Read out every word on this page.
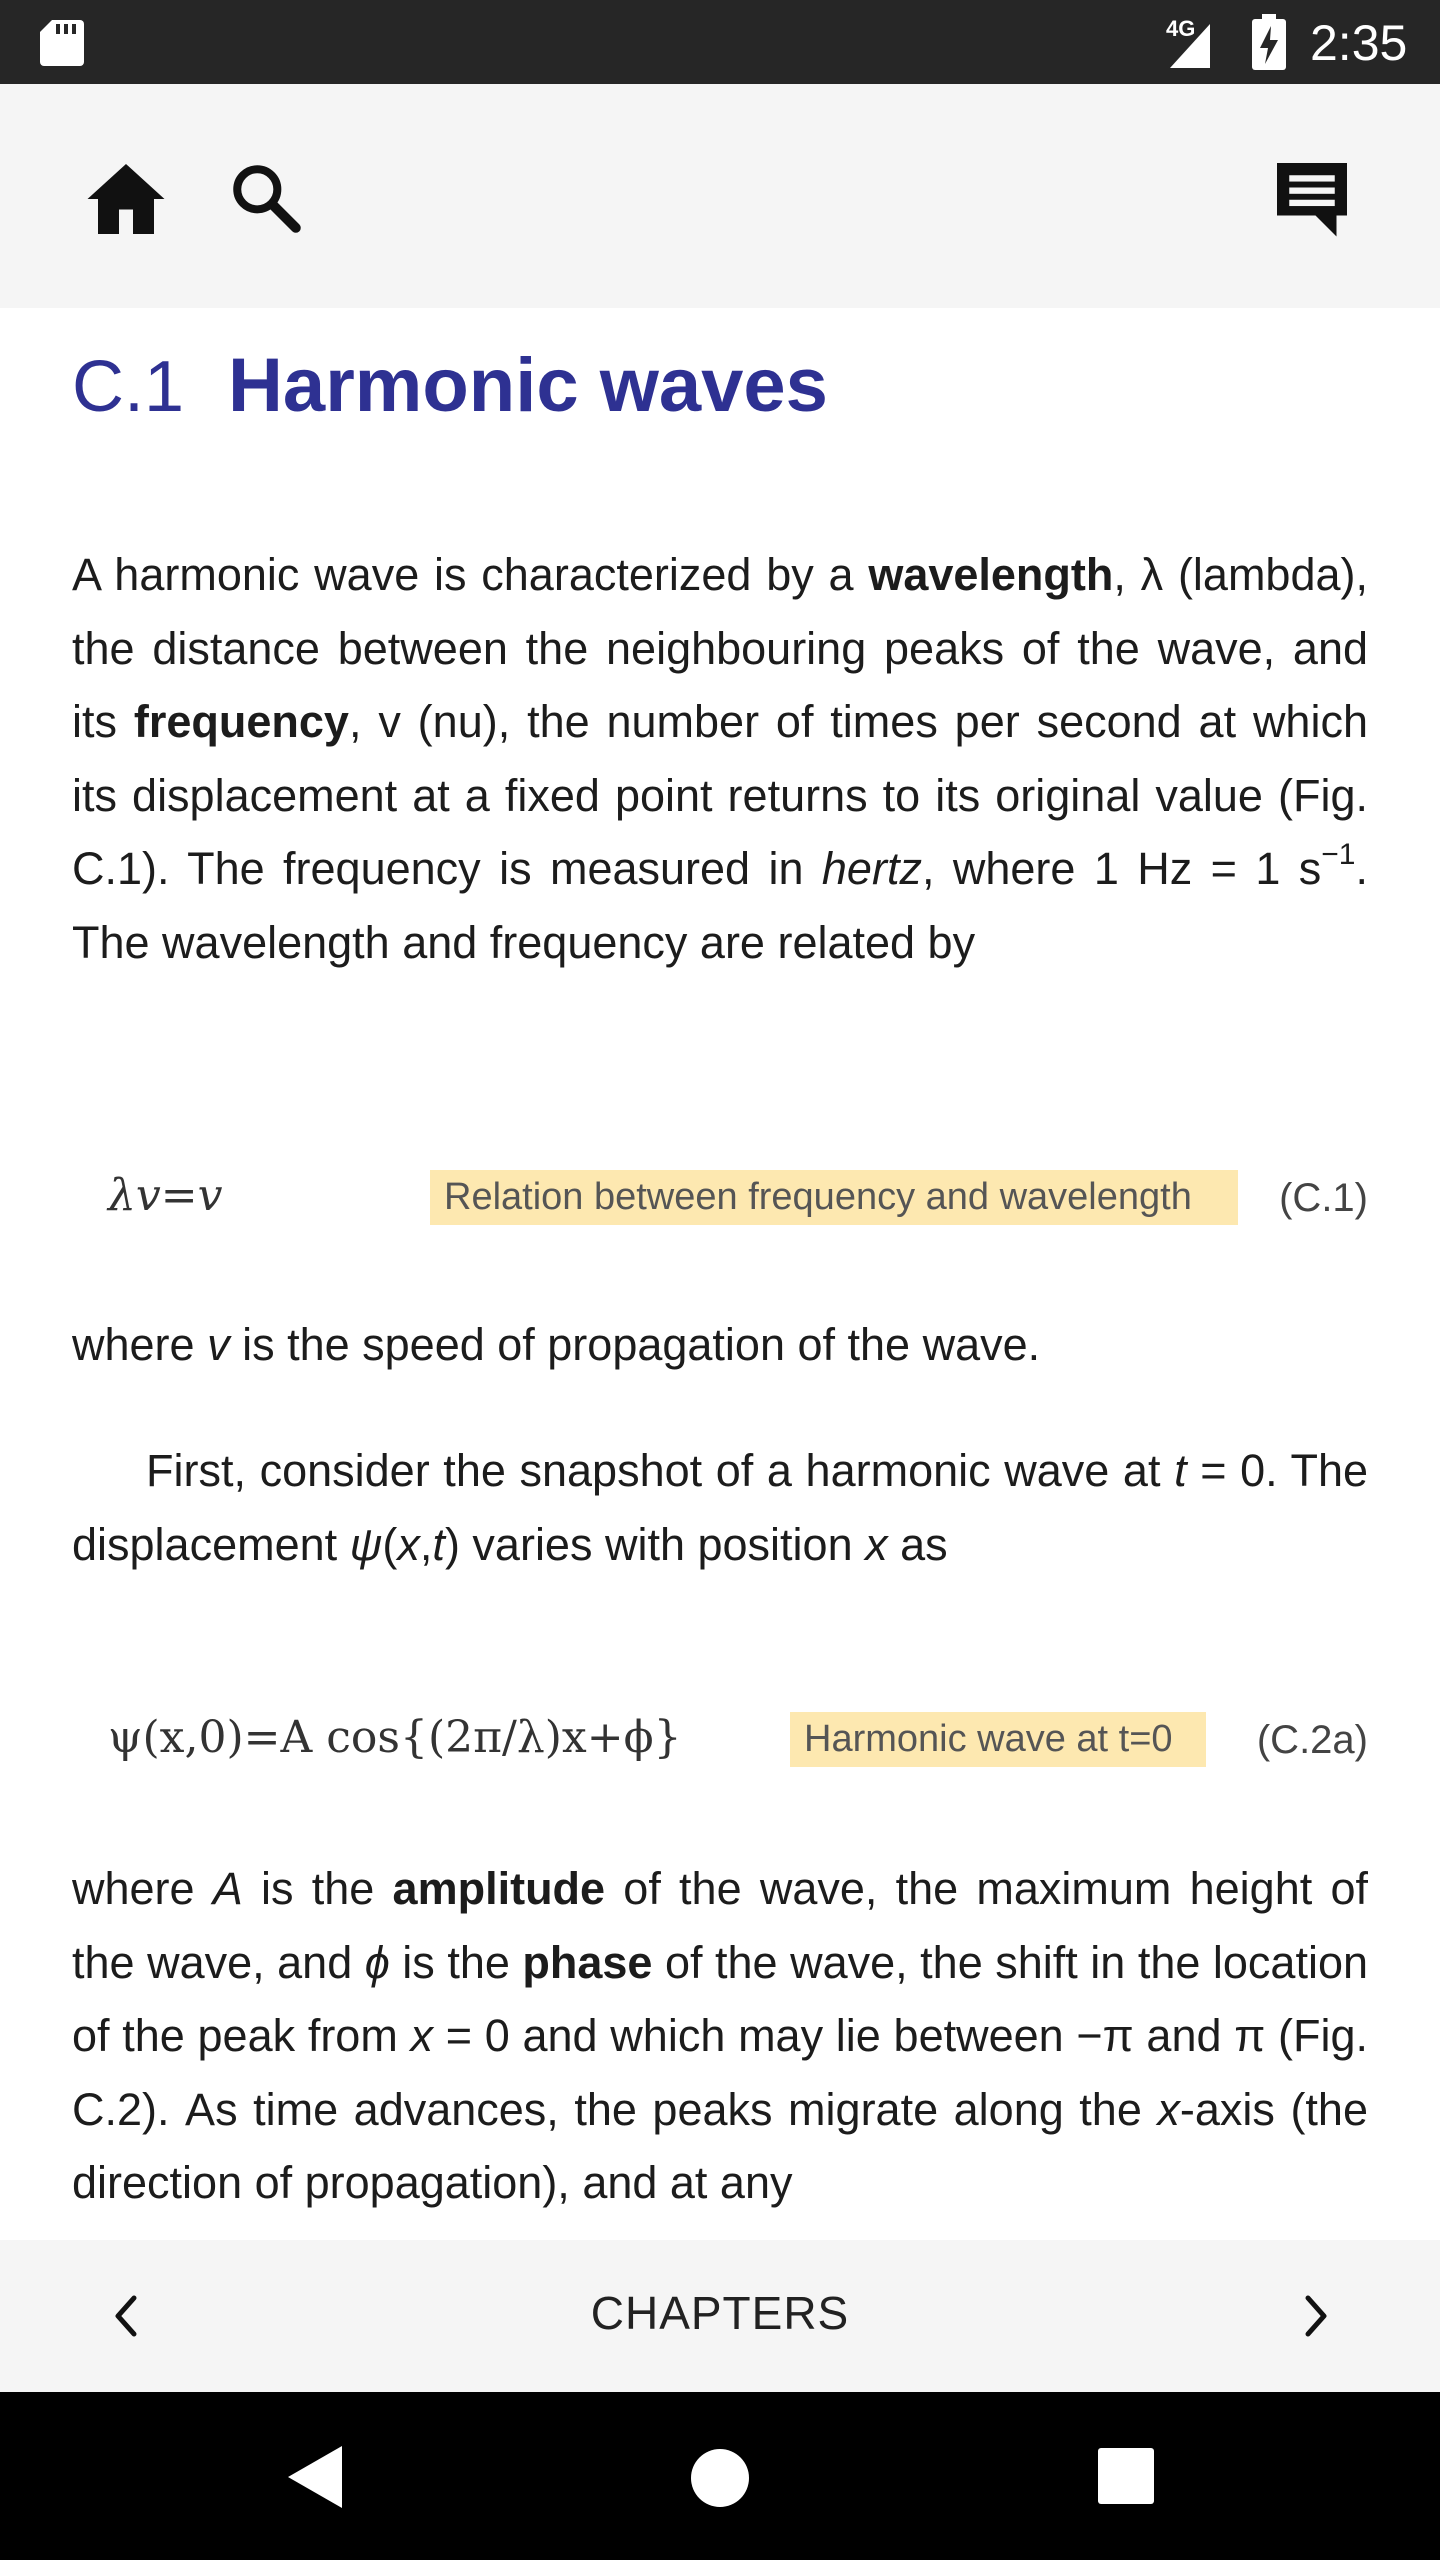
4G 2:35
C.1 Harmonic waves

A harmonic wave is characterized by a wavelength, λ (lambda), the distance between the neighbouring peaks of the wave, and its frequency, v (nu), the number of times per second at which its displacement at a fixed point returns to its original value (Fig. C.1). The frequency is measured in hertz, where 1 Hz = 1 $s^{-1}$. The wavelength and frequency are related by

λv=v	Relation between frequency and wavelength	(C.1)

where v is the speed of propagation of the wave.

First, consider the snapshot of a harmonic wave at t = 0. The displacement ψ(x,t) varies with position x as

ψ(x,0)=A cos{(2π/λ)x+ϕ}	Harmonic wave at t=0	(C.2a)

where A is the amplitude of the wave, the maximum height of the wave, and ϕ is the phase of the wave, the shift in the location of the peak from x = 0 and which may lie between −π and π (Fig. C.2). As time advances, the peaks migrate along the x-axis (the direction of propagation), and at any

CHAPTERS
